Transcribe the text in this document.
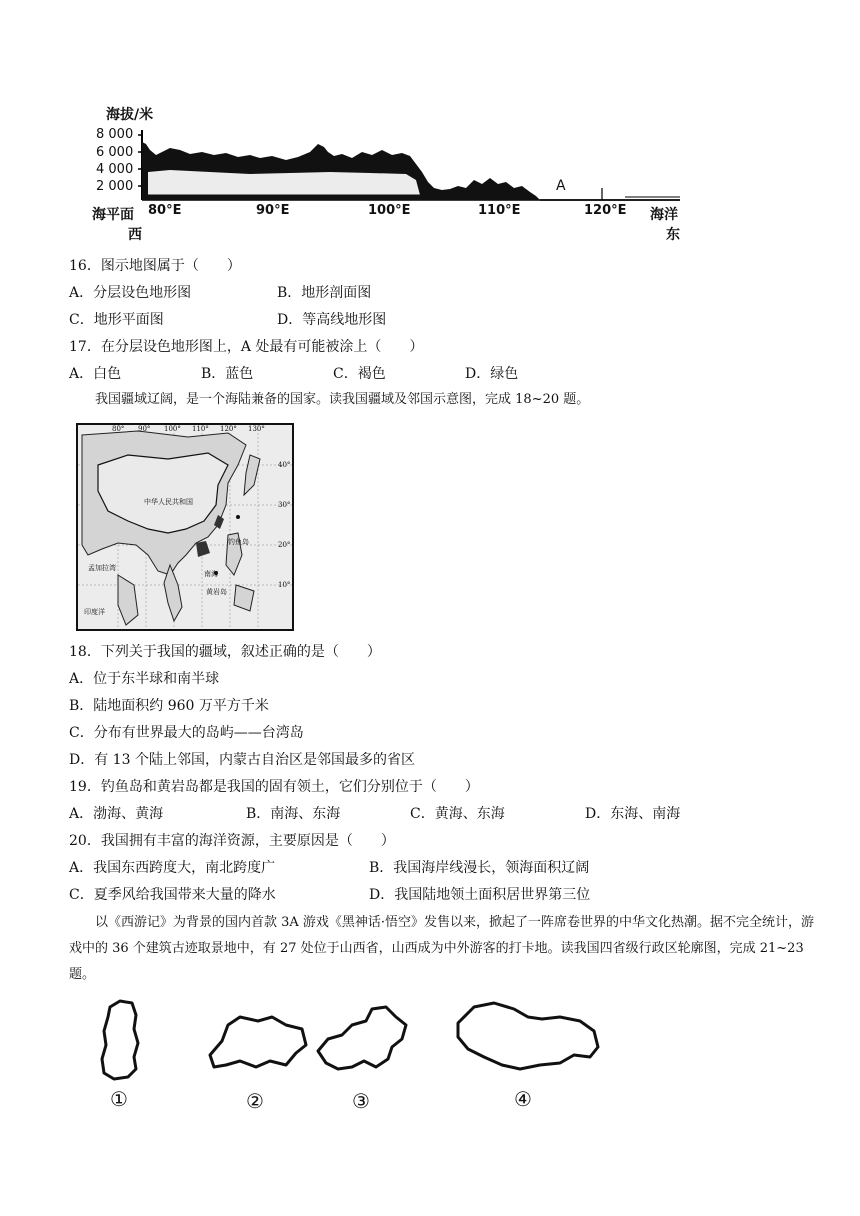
海拔/米
8 000
6 000
4 000
2 000
海平面
西
80°E	90°E	100°E	110°E	120°E
A
海洋
东
16．图示地图属于（　　）
A．分层设色地形图	B．地形剖面图
C．地形平面图	D．等高线地形图
17．在分层设色地形图上，A 处最有可能被涂上（　　）
A．白色	B．蓝色	C．褐色	D．绿色
我国疆域辽阔，是一个海陆兼备的国家。读我国疆域及邻国示意图，完成 18~20 题。
80° 90° 100° 110° 120° 130°
40°
30°
20°
10°
中华人民共和国
孟加拉湾
印度洋
南海
黄岩岛
钓鱼岛
18．下列关于我国的疆域，叙述正确的是（　　）
A．位于东半球和南半球
B．陆地面积约 960 万平方千米
C．分布有世界最大的岛屿——台湾岛
D．有 13 个陆上邻国，内蒙古自治区是邻国最多的省区
19．钓鱼岛和黄岩岛都是我国的固有领土，它们分别位于（　　）
A．渤海、黄海	B．南海、东海	C．黄海、东海	D．东海、南海
20．我国拥有丰富的海洋资源，主要原因是（　　）
A．我国东西跨度大，南北跨度广	B．我国海岸线漫长，领海面积辽阔
C．夏季风给我国带来大量的降水	D．我国陆地领土面积居世界第三位
以《西游记》为背景的国内首款 3A 游戏《黑神话·悟空》发售以来，掀起了一阵席卷世界的中华文化热潮。据不完全统计，游戏中的 36 个建筑古迹取景地中，有 27 处位于山西省，山西成为中外游客的打卡地。读我国四省级行政区轮廓图，完成 21~23 题。
①	②	③	④
